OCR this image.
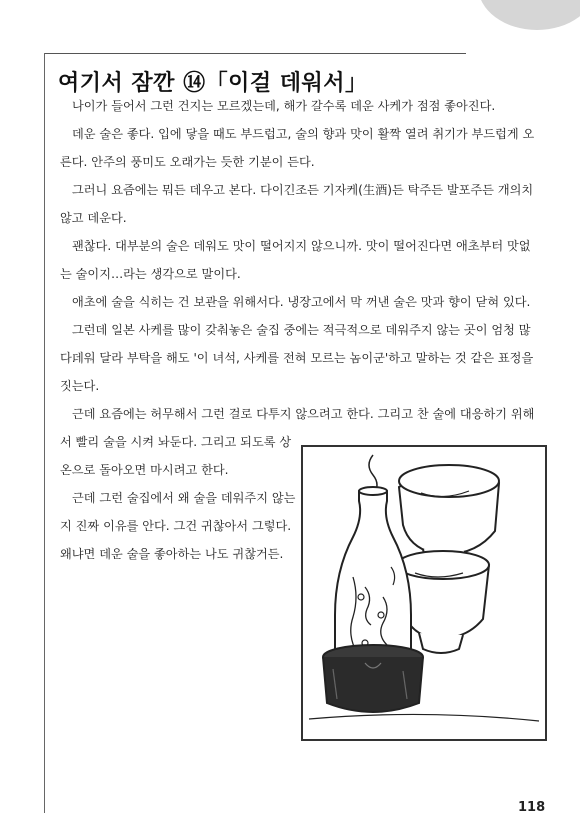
여기서 잠깐 ⑭「이걸 데워서」

나이가 들어서 그런 건지는 모르겠는데, 해가 갈수록 데운 사케가 점점 좋아진다.

데운 술은 좋다. 입에 닿을 때도 부드럽고, 술의 향과 맛이 활짝 열려 취기가 부드럽게 오른다. 안주의 풍미도 오래가는 듯한 기분이 든다.

그러니 요즘에는 뭐든 데우고 본다. 다이긴조든 기자케(生酒)든 탁주든 발포주든 개의치 않고 데운다.

괜찮다. 대부분의 술은 데워도 맛이 떨어지지 않으니까. 맛이 떨어진다면 애초부터 맛없는 술이지…라는 생각으로 말이다.

애초에 술을 식히는 건 보관을 위해서다. 냉장고에서 막 꺼낸 술은 맛과 향이 닫혀 있다.

그런데 일본 사케를 많이 갖춰놓은 술집 중에는 적극적으로 데워주지 않는 곳이 엄청 많다.

데워 달라 부탁을 해도 '이 녀석, 사케를 전혀 모르는 놈이군'하고 말하는 것 같은 표정을 짓는다.

근데 요즘에는 허무해서 그런 걸로 다투지 않으려고 한다. 그리고 찬 술에 대응하기 위해서 빨리 술을 시켜 놔둔다. 그리고 되도록 상

온으로 돌아오면 마시려고 한다.

근데 그런 술집에서 왜 술을 데워주지 않는지 진짜 이유를 안다. 그건 귀찮아서 그렇다. 왜냐면 데운 술을 좋아하는 나도 귀찮거든.

118
